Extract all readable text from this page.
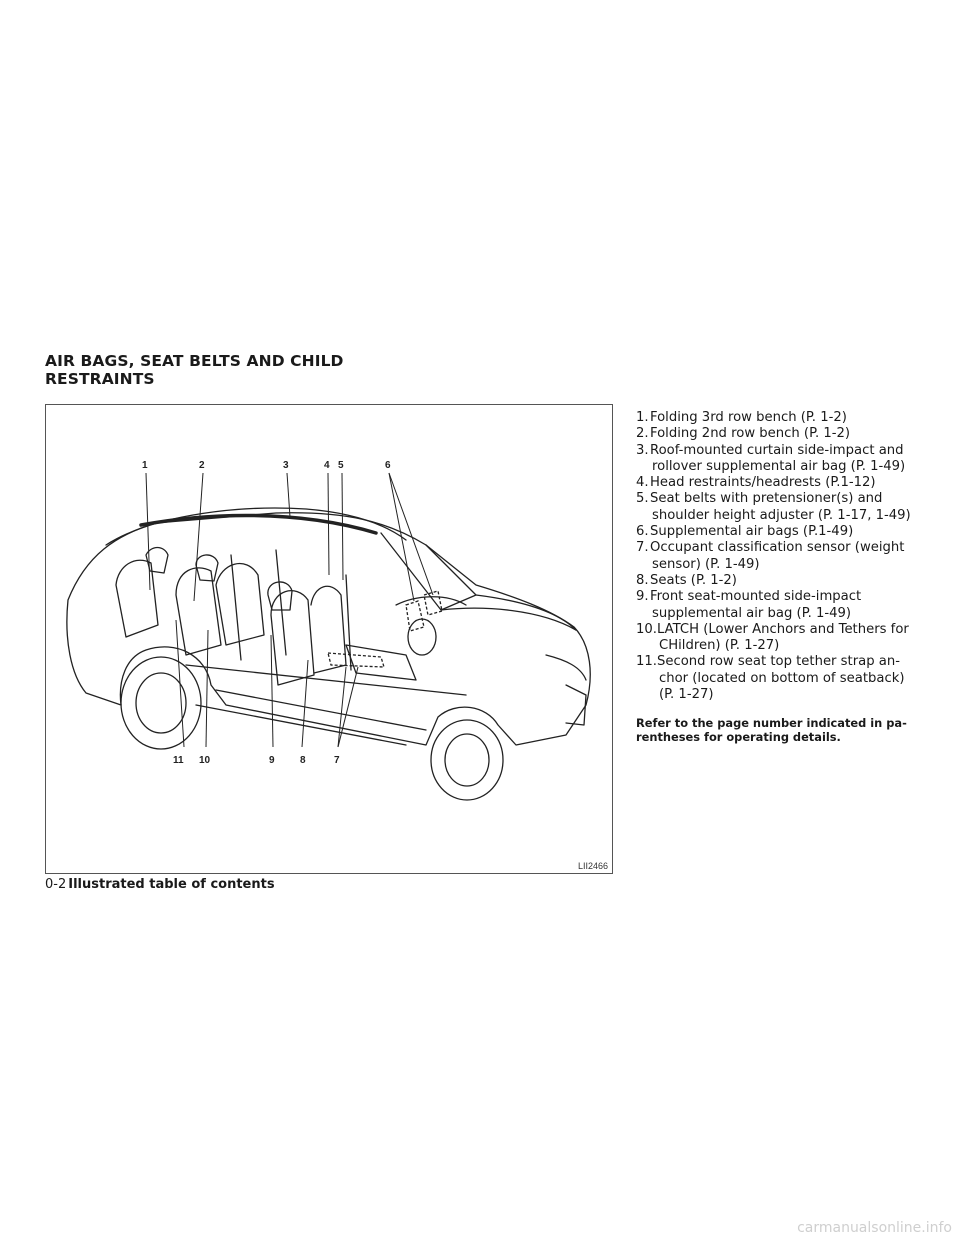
AIR BAGS, SEAT BELTS AND CHILD
RESTRAINTS
1	2	3	4 5	6
11 10	9	8	7
LII2466
1.Folding 3rd row bench (P. 1-2)
2.Folding 2nd row bench (P. 1-2)
3.Roof-mounted curtain side-impact and
rollover supplemental air bag (P. 1-49)
4.Head restraints/headrests (P.1-12)
5.Seat belts with pretensioner(s) and
shoulder height adjuster (P. 1-17, 1-49)
6.Supplemental air bags (P.1-49)
7.Occupant classification sensor (weight
sensor) (P. 1-49)
8.Seats (P. 1-2)
9.Front seat-mounted side-impact
supplemental air bag (P. 1-49)
10.LATCH (Lower Anchors and Tethers for
CHildren) (P. 1-27)
11.Second row seat top tether strap an-
chor (located on bottom of seatback)
(P. 1-27)

Refer to the page number indicated in pa- rentheses for operating details.

0-2 Illustrated table of contents

carmanualsonline.info
